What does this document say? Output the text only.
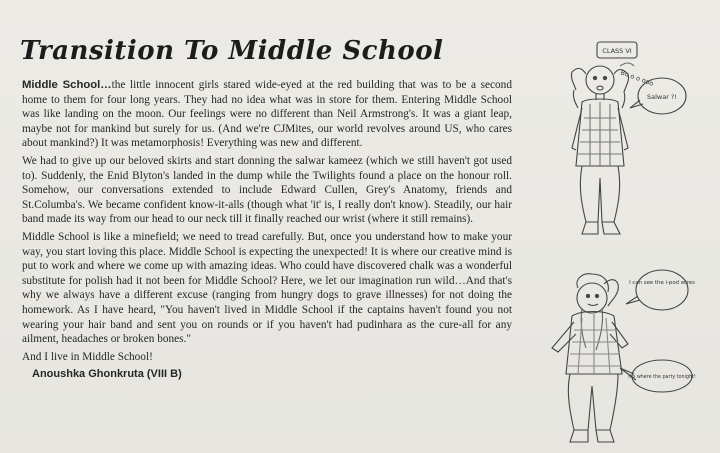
Transition To Middle School

Middle School…the little innocent girls stared wide-eyed at the red building that was to be a second home to them for four long years. They had no idea what was in store for them. Entering Middle School was like landing on the moon. Our feelings were no different than Neil Armstrong's. It was a giant leap, maybe not for mankind but surely for us. (And we're CJMites, our world revolves around US, who cares about mankind?) It was metamorphosis! Everything was new and different.

We had to give up our beloved skirts and start donning the salwar kameez (which we still haven't got used to). Suddenly, the Enid Blyton's landed in the dump while the Twilights found a place on the honour roll. Somehow, our conversations extended to include Edward Cullen, Grey's Anatomy, friends and St.Columba's. We became confident know-it-alls (though what 'it' is, I really don't know). Steadily, our hair band made its way from our head to our neck till it finally reached our wrist (where it still remains).

Middle School is like a minefield; we need to tread carefully. But, once you understand how to make your way, you start loving this place. Middle School is expecting the unexpected! It is where our creative mind is put to work and where we come up with amazing ideas. Who could have discovered chalk was a wonderful substitute for polish had it not been for Middle School? Here, we let our imagination run wild…And that's why we always have a different excuse (ranging from hungry dogs to grave illnesses) for not doing the homework. As I have heard, "You haven't lived in Middle School if the captains haven't found you not wearing your hair band and sent you on rounds or if you haven't had pudinhara as the cure-all for any ailment, headaches or broken bones."

And I live in Middle School!

Anoushka Ghonkruta (VIII B)
CLASS VI
Salwar ?!
Bo o o ooo
I can see the i-pod wires
It's where the party tonight!
